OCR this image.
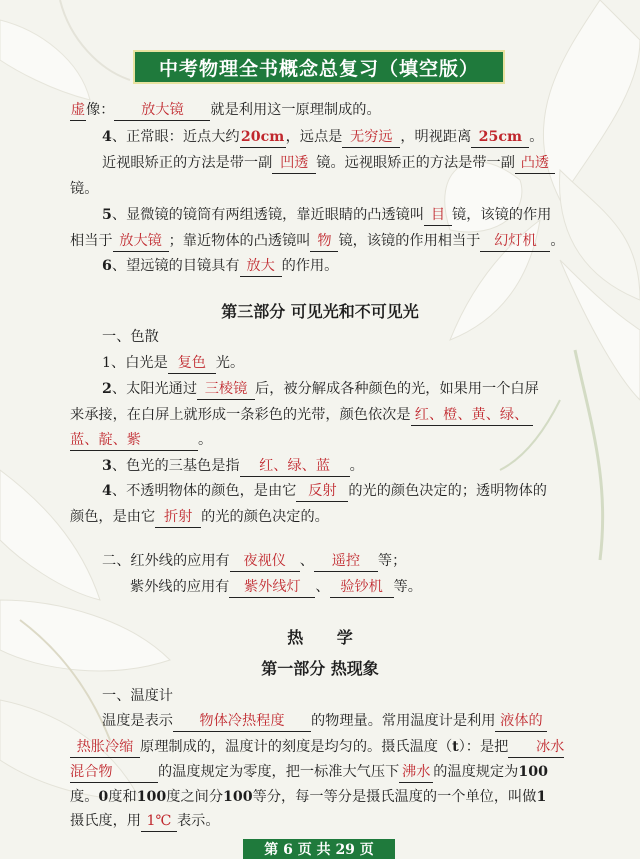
中考物理全书概念总复习（填空版）
虚像： 放大镜 就是利用这一原理制成的。
4、正常眼：近点大约20cm，远点是 无穷远 ，明视距离 25cm 。
近视眼矫正的方法是带一副 凹透 镜。远视眼矫正的方法是带一副 凸透
镜。
5、显微镜的镜筒有两组透镜，靠近眼睛的凸透镜叫 目 镜，该镜的作用
相当于 放大镜 ；靠近物体的凸透镜叫 物 镜，该镜的作用相当于 幻灯机 。
6、望远镜的目镜具有 放大 的作用。
第三部分 可见光和不可见光
一、色散
1、白光是 复色 光。
2、太阳光通过 三棱镜 后，被分解成各种颜色的光，如果用一个白屏
来承接，在白屏上就形成一条彩色的光带，颜色依次是 红、橙、黄、绿、
蓝、靛、紫	。
3、色光的三基色是指 红、绿、蓝 。
4、不透明物体的颜色，是由它 反射 的光的颜色决定的；透明物体的
颜色，是由它 折射 的光的颜色决定的。
二、红外线的应用有 夜视仪 、 遥控 等；
紫外线的应用有 紫外线灯 、 验钞机 等。
热 学
第一部分 热现象
一、温度计
温度是表示 物体冷热程度 的物理量。常用温度计是利用 液体的
热胀冷缩 原理制成的，温度计的刻度是均匀的。摄氏温度（t）：是把 冰水
混合物	的温度规定为零度，把一标准大气压下 沸水 的温度规定为100
度。0度和100度之间分100等分，每一等分是摄氏温度的一个单位，叫做1
摄氏度，用 1℃ 表示。
第 6 页 共 29 页
